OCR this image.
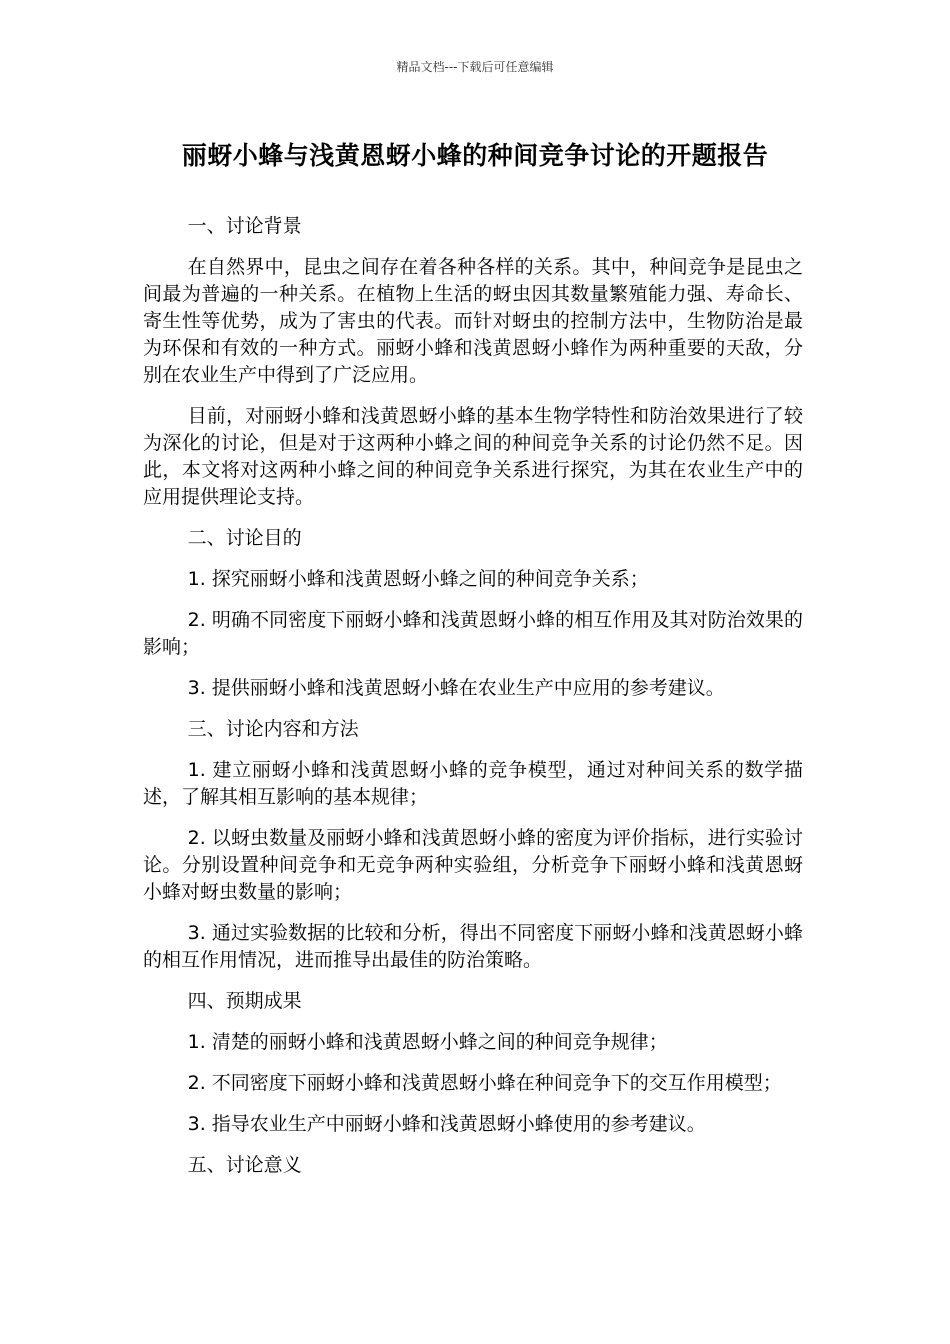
精品文档---下载后可任意编辑
丽蚜小蜂与浅黄恩蚜小蜂的种间竞争讨论的开题报告

一、讨论背景

在自然界中，昆虫之间存在着各种各样的关系。其中，种间竞争是昆虫之间最为普遍的一种关系。在植物上生活的蚜虫因其数量繁殖能力强、寿命长、寄生性等优势，成为了害虫的代表。而针对蚜虫的控制方法中，生物防治是最为环保和有效的一种方式。丽蚜小蜂和浅黄恩蚜小蜂作为两种重要的天敌，分别在农业生产中得到了广泛应用。

目前，对丽蚜小蜂和浅黄恩蚜小蜂的基本生物学特性和防治效果进行了较为深化的讨论，但是对于这两种小蜂之间的种间竞争关系的讨论仍然不足。因此，本文将对这两种小蜂之间的种间竞争关系进行探究，为其在农业生产中的应用提供理论支持。

二、讨论目的

1. 探究丽蚜小蜂和浅黄恩蚜小蜂之间的种间竞争关系；

2. 明确不同密度下丽蚜小蜂和浅黄恩蚜小蜂的相互作用及其对防治效果的影响；

3. 提供丽蚜小蜂和浅黄恩蚜小蜂在农业生产中应用的参考建议。

三、讨论内容和方法

1. 建立丽蚜小蜂和浅黄恩蚜小蜂的竞争模型，通过对种间关系的数学描述，了解其相互影响的基本规律；

2. 以蚜虫数量及丽蚜小蜂和浅黄恩蚜小蜂的密度为评价指标，进行实验讨论。分别设置种间竞争和无竞争两种实验组，分析竞争下丽蚜小蜂和浅黄恩蚜小蜂对蚜虫数量的影响；

3. 通过实验数据的比较和分析，得出不同密度下丽蚜小蜂和浅黄恩蚜小蜂的相互作用情况，进而推导出最佳的防治策略。

四、预期成果

1. 清楚的丽蚜小蜂和浅黄恩蚜小蜂之间的种间竞争规律；

2. 不同密度下丽蚜小蜂和浅黄恩蚜小蜂在种间竞争下的交互作用模型；

3. 指导农业生产中丽蚜小蜂和浅黄恩蚜小蜂使用的参考建议。

五、讨论意义
